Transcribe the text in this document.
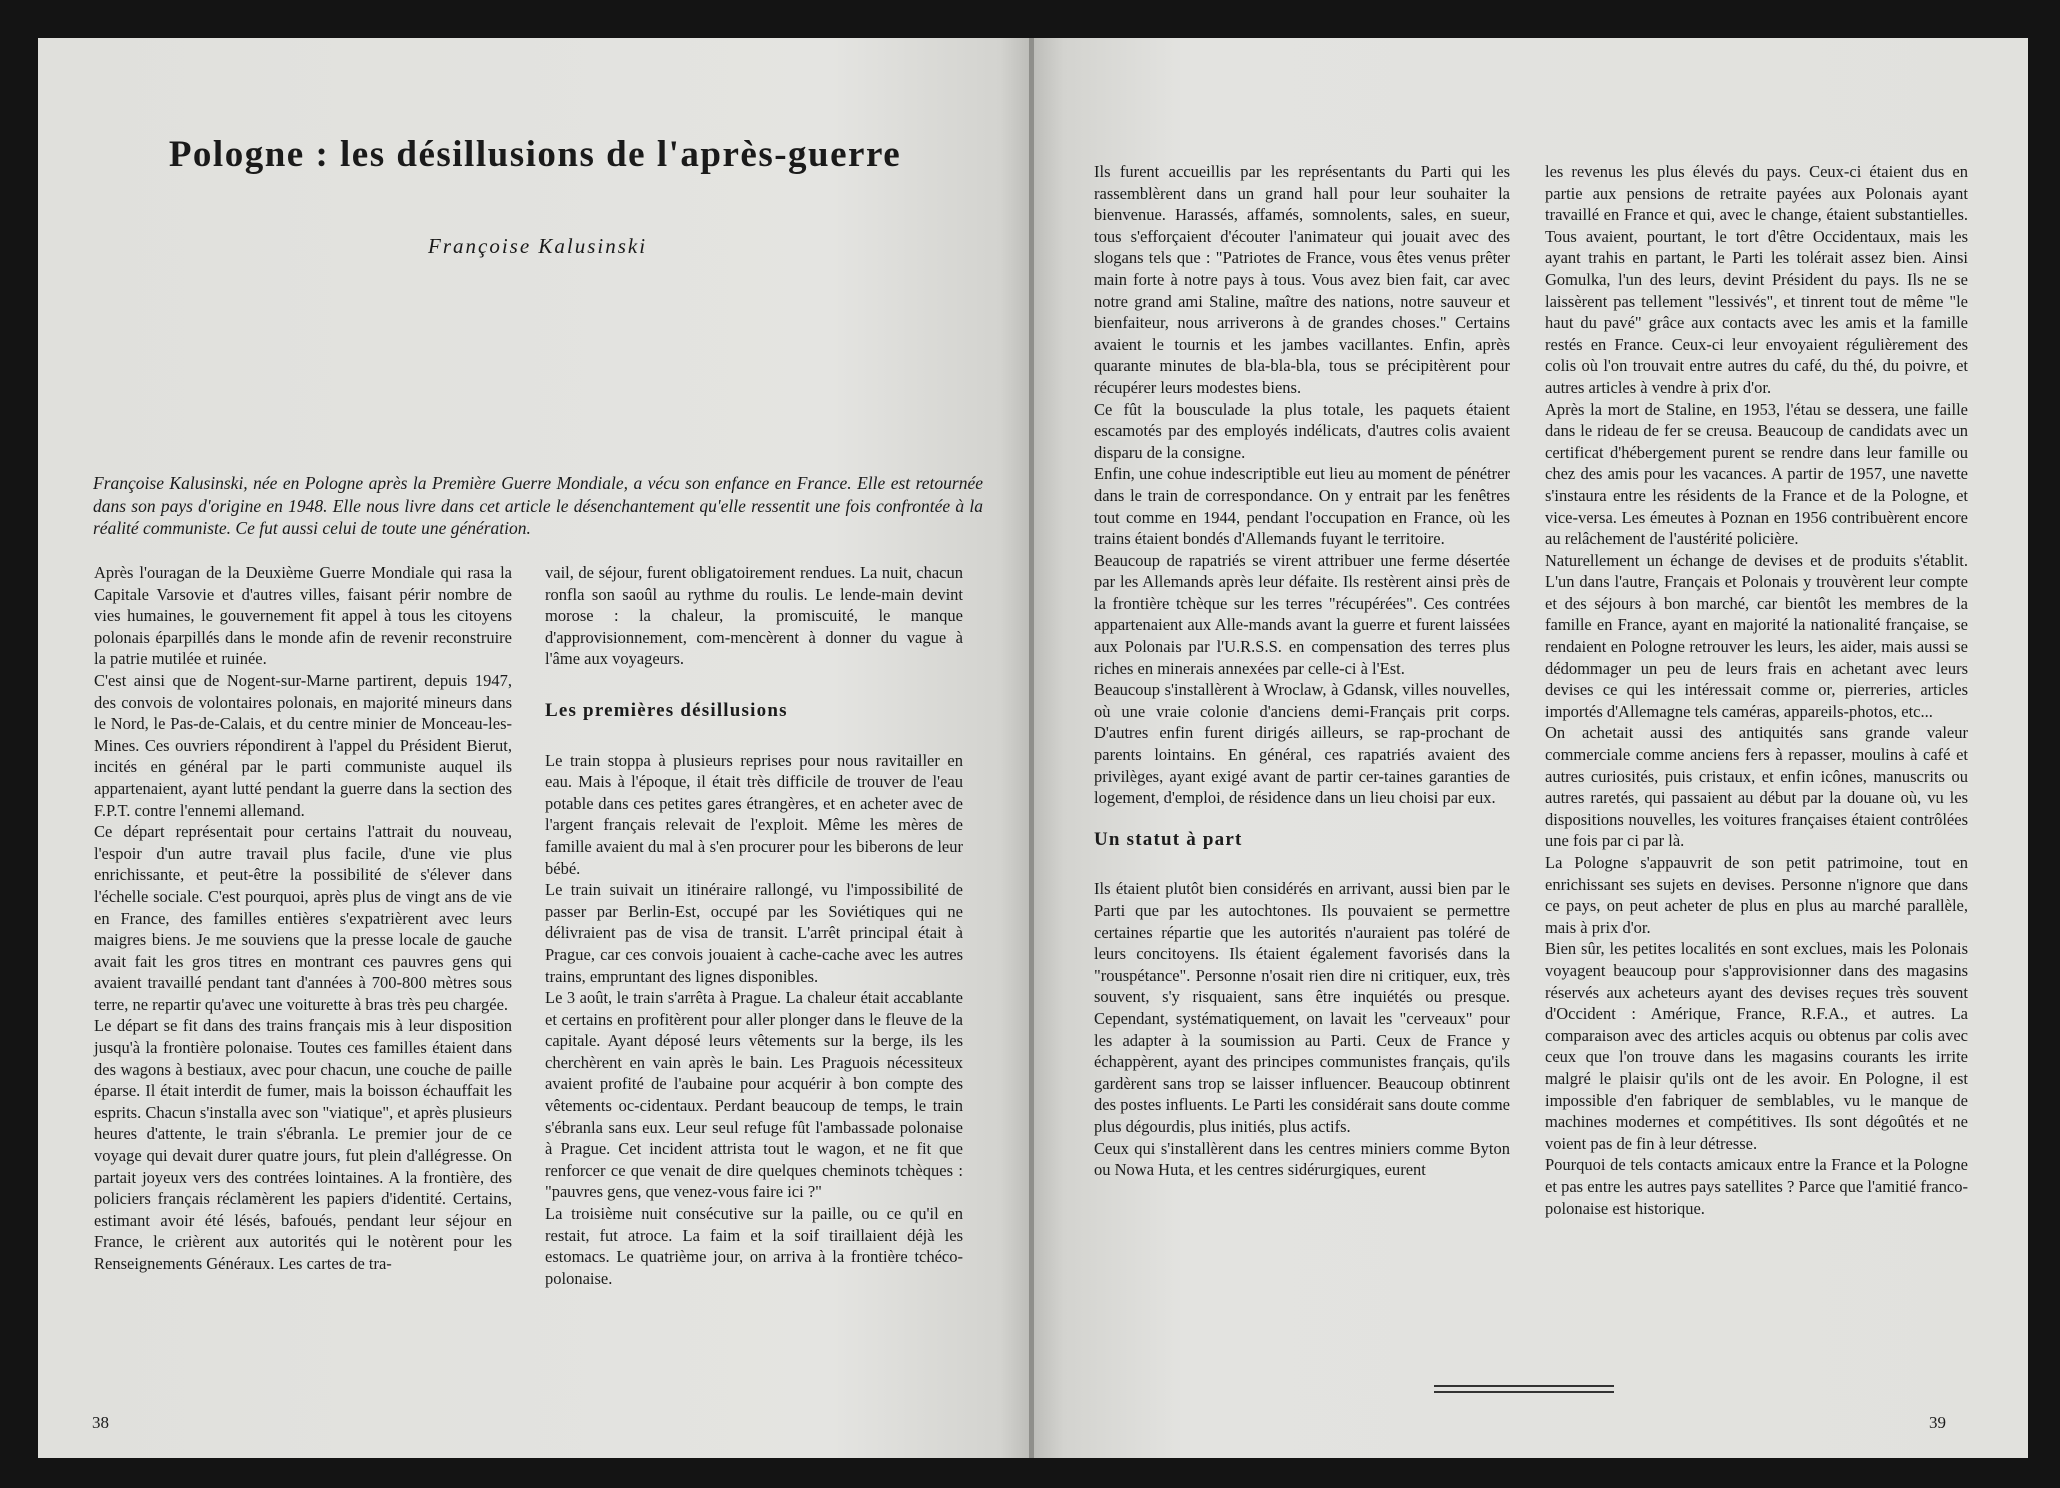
Pologne : les désillusions de l'après-guerre

Françoise Kalusinski

Françoise Kalusinski, née en Pologne après la Première Guerre Mondiale, a vécu son enfance en France. Elle est retournée dans son pays d'origine en 1948. Elle nous livre dans cet article le désenchantement qu'elle ressentit une fois confrontée à la réalité communiste. Ce fut aussi celui de toute une génération.

Après l'ouragan de la Deuxième Guerre Mondiale qui rasa la Capitale Varsovie et d'autres villes, faisant périr nombre de vies humaines, le gouvernement fit appel à tous les citoyens polonais éparpillés dans le monde afin de revenir reconstruire la patrie mutilée et ruinée.

C'est ainsi que de Nogent-sur-Marne partirent, depuis 1947, des convois de volontaires polonais, en majorité mineurs dans le Nord, le Pas-de-Calais, et du centre minier de Monceau-les-Mines. Ces ouvriers répondirent à l'appel du Président Bierut, incités en général par le parti communiste auquel ils appartenaient, ayant lutté pendant la guerre dans la section des F.P.T. contre l'ennemi allemand.

Ce départ représentait pour certains l'attrait du nouveau, l'espoir d'un autre travail plus facile, d'une vie plus enrichissante, et peut-être la possibilité de s'élever dans l'échelle sociale. C'est pourquoi, après plus de vingt ans de vie en France, des familles entières s'expatrièrent avec leurs maigres biens. Je me souviens que la presse locale de gauche avait fait les gros titres en montrant ces pauvres gens qui avaient travaillé pendant tant d'années à 700-800 mètres sous terre, ne repartir qu'avec une voiturette à bras très peu chargée.

Le départ se fit dans des trains français mis à leur disposition jusqu'à la frontière polonaise. Toutes ces familles étaient dans des wagons à bestiaux, avec pour chacun, une couche de paille éparse. Il était interdit de fumer, mais la boisson échauffait les esprits. Chacun s'installa avec son "viatique", et après plusieurs heures d'attente, le train s'ébranla. Le premier jour de ce voyage qui devait durer quatre jours, fut plein d'allégresse. On partait joyeux vers des contrées lointaines. A la frontière, des policiers français réclamèrent les papiers d'identité. Certains, estimant avoir été lésés, bafoués, pendant leur séjour en France, le crièrent aux autorités qui le notèrent pour les Renseignements Généraux. Les cartes de tra-

vail, de séjour, furent obligatoirement rendues. La nuit, chacun ronfla son saoûl au rythme du roulis. Le lende-main devint morose : la chaleur, la promiscuité, le manque d'approvisionnement, com-mencèrent à donner du vague à l'âme aux voyageurs.

Les premières désillusions

Le train stoppa à plusieurs reprises pour nous ravitailler en eau. Mais à l'époque, il était très difficile de trouver de l'eau potable dans ces petites gares étrangères, et en acheter avec de l'argent français relevait de l'exploit. Même les mères de famille avaient du mal à s'en procurer pour les biberons de leur bébé.

Le train suivait un itinéraire rallongé, vu l'impossibilité de passer par Berlin-Est, occupé par les Soviétiques qui ne délivraient pas de visa de transit. L'arrêt principal était à Prague, car ces convois jouaient à cache-cache avec les autres trains, empruntant des lignes disponibles.

Le 3 août, le train s'arrêta à Prague. La chaleur était accablante et certains en profitèrent pour aller plonger dans le fleuve de la capitale. Ayant déposé leurs vêtements sur la berge, ils les cherchèrent en vain après le bain. Les Praguois nécessiteux avaient profité de l'aubaine pour acquérir à bon compte des vêtements oc-cidentaux. Perdant beaucoup de temps, le train s'ébranla sans eux. Leur seul refuge fût l'ambassade polonaise à Prague. Cet incident attrista tout le wagon, et ne fit que renforcer ce que venait de dire quelques cheminots tchèques : "pauvres gens, que venez-vous faire ici ?"

La troisième nuit consécutive sur la paille, ou ce qu'il en restait, fut atroce. La faim et la soif tiraillaient déjà les estomacs. Le quatrième jour, on arriva à la frontière tchéco-polonaise.

38

Ils furent accueillis par les représentants du Parti qui les rassemblèrent dans un grand hall pour leur souhaiter la bienvenue. Harassés, affamés, somnolents, sales, en sueur, tous s'efforçaient d'écouter l'animateur qui jouait avec des slogans tels que : "Patriotes de France, vous êtes venus prêter main forte à notre pays à tous. Vous avez bien fait, car avec notre grand ami Staline, maître des nations, notre sauveur et bienfaiteur, nous arriverons à de grandes choses." Certains avaient le tournis et les jambes vacillantes. Enfin, après quarante minutes de bla-bla-bla, tous se précipitèrent pour récupérer leurs modestes biens.

Ce fût la bousculade la plus totale, les paquets étaient escamotés par des employés indélicats, d'autres colis avaient disparu de la consigne.

Enfin, une cohue indescriptible eut lieu au moment de pénétrer dans le train de correspondance. On y entrait par les fenêtres tout comme en 1944, pendant l'occupation en France, où les trains étaient bondés d'Allemands fuyant le territoire.

Beaucoup de rapatriés se virent attribuer une ferme désertée par les Allemands après leur défaite. Ils restèrent ainsi près de la frontière tchèque sur les terres "récupérées". Ces contrées appartenaient aux Alle-mands avant la guerre et furent laissées aux Polonais par l'U.R.S.S. en compensation des terres plus riches en minerais annexées par celle-ci à l'Est.

Beaucoup s'installèrent à Wroclaw, à Gdansk, villes nouvelles, où une vraie colonie d'anciens demi-Français prit corps. D'autres enfin furent dirigés ailleurs, se rap-prochant de parents lointains. En général, ces rapatriés avaient des privilèges, ayant exigé avant de partir cer-taines garanties de logement, d'emploi, de résidence dans un lieu choisi par eux.

Un statut à part

Ils étaient plutôt bien considérés en arrivant, aussi bien par le Parti que par les autochtones. Ils pouvaient se permettre certaines répartie que les autorités n'auraient pas toléré de leurs concitoyens. Ils étaient également favorisés dans la "rouspétance". Personne n'osait rien dire ni critiquer, eux, très souvent, s'y risquaient, sans être inquiétés ou presque. Cependant, systématiquement, on lavait les "cerveaux" pour les adapter à la soumission au Parti. Ceux de France y échappèrent, ayant des principes communistes français, qu'ils gardèrent sans trop se laisser influencer. Beaucoup obtinrent des postes influents. Le Parti les considérait sans doute comme plus dégourdis, plus initiés, plus actifs.

Ceux qui s'installèrent dans les centres miniers comme Byton ou Nowa Huta, et les centres sidérurgiques, eurent

les revenus les plus élevés du pays. Ceux-ci étaient dus en partie aux pensions de retraite payées aux Polonais ayant travaillé en France et qui, avec le change, étaient substantielles. Tous avaient, pourtant, le tort d'être Occidentaux, mais les ayant trahis en partant, le Parti les tolérait assez bien. Ainsi Gomulka, l'un des leurs, devint Président du pays. Ils ne se laissèrent pas tellement "lessivés", et tinrent tout de même "le haut du pavé" grâce aux contacts avec les amis et la famille restés en France. Ceux-ci leur envoyaient régulièrement des colis où l'on trouvait entre autres du café, du thé, du poivre, et autres articles à vendre à prix d'or.

Après la mort de Staline, en 1953, l'étau se dessera, une faille dans le rideau de fer se creusa. Beaucoup de candidats avec un certificat d'hébergement purent se rendre dans leur famille ou chez des amis pour les vacances. A partir de 1957, une navette s'instaura entre les résidents de la France et de la Pologne, et vice-versa. Les émeutes à Poznan en 1956 contribuèrent encore au relâchement de l'austérité policière.

Naturellement un échange de devises et de produits s'établit. L'un dans l'autre, Français et Polonais y trouvèrent leur compte et des séjours à bon marché, car bientôt les membres de la famille en France, ayant en majorité la nationalité française, se rendaient en Pologne retrouver les leurs, les aider, mais aussi se dédommager un peu de leurs frais en achetant avec leurs devises ce qui les intéressait comme or, pierreries, articles importés d'Allemagne tels caméras, appareils-photos, etc...

On achetait aussi des antiquités sans grande valeur commerciale comme anciens fers à repasser, moulins à café et autres curiosités, puis cristaux, et enfin icônes, manuscrits ou autres raretés, qui passaient au début par la douane où, vu les dispositions nouvelles, les voitures françaises étaient contrôlées une fois par ci par là.

La Pologne s'appauvrit de son petit patrimoine, tout en enrichissant ses sujets en devises. Personne n'ignore que dans ce pays, on peut acheter de plus en plus au marché parallèle, mais à prix d'or.

Bien sûr, les petites localités en sont exclues, mais les Polonais voyagent beaucoup pour s'approvisionner dans des magasins réservés aux acheteurs ayant des devises reçues très souvent d'Occident : Amérique, France, R.F.A., et autres. La comparaison avec des articles acquis ou obtenus par colis avec ceux que l'on trouve dans les magasins courants les irrite malgré le plaisir qu'ils ont de les avoir. En Pologne, il est impossible d'en fabriquer de semblables, vu le manque de machines modernes et compétitives. Ils sont dégoûtés et ne voient pas de fin à leur détresse.

Pourquoi de tels contacts amicaux entre la France et la Pologne et pas entre les autres pays satellites ? Parce que l'amitié franco-polonaise est historique.

39
